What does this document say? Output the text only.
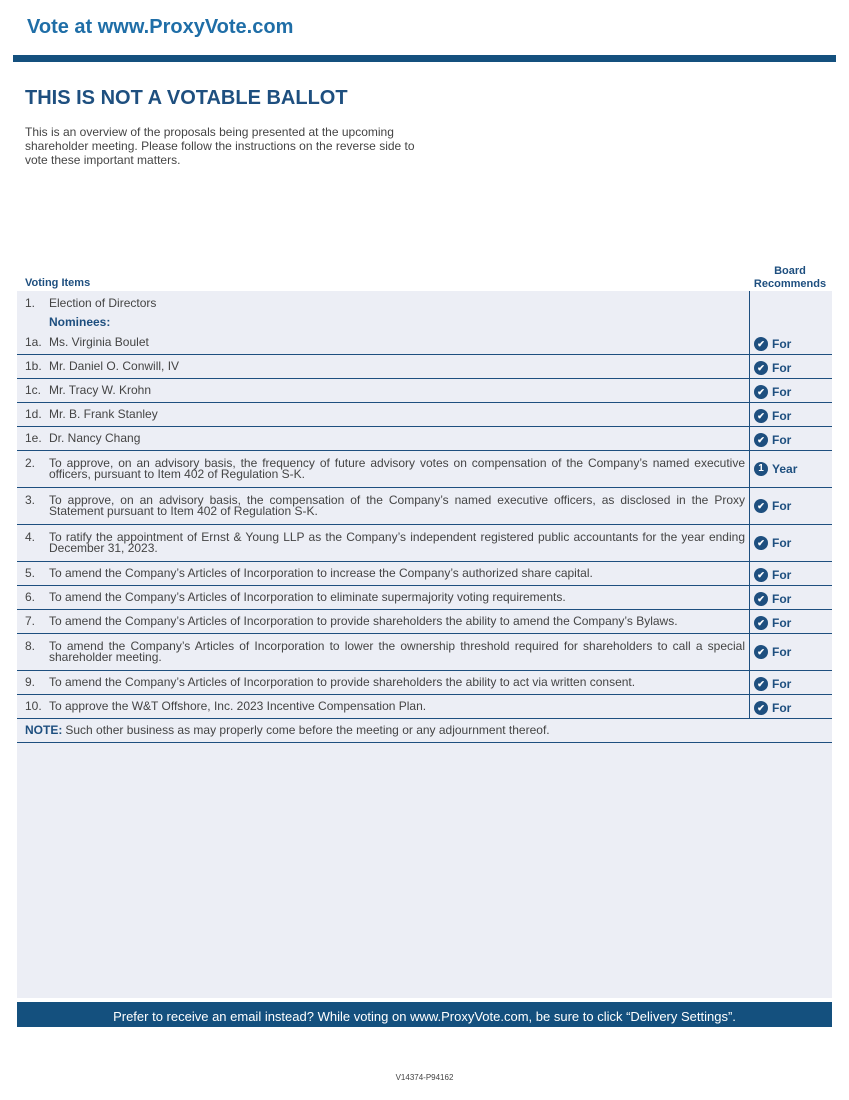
Vote at www.ProxyVote.com
THIS IS NOT A VOTABLE BALLOT
This is an overview of the proposals being presented at the upcoming shareholder meeting. Please follow the instructions on the reverse side to vote these important matters.
Voting Items
Board
Recommends
1.	Election of Directors
Nominees:
1a. Ms. Virginia Boulet	✔ For
1b. Mr. Daniel O. Conwill, IV	✔ For
1c. Mr. Tracy W. Krohn	✔ For
1d. Mr. B. Frank Stanley	✔ For
1e. Dr. Nancy Chang	✔ For
2.	To approve, on an advisory basis, the frequency of future advisory votes on compensation of the Company’s named executive officers, pursuant to Item 402 of Regulation S-K.	1 Year
3.	To approve, on an advisory basis, the compensation of the Company’s named executive officers, as disclosed in the Proxy Statement pursuant to Item 402 of Regulation S-K.	✔ For
4.	To ratify the appointment of Ernst & Young LLP as the Company’s independent registered public accountants for the year ending December 31, 2023.	✔ For
5.	To amend the Company’s Articles of Incorporation to increase the Company’s authorized share capital.	✔ For
6.	To amend the Company’s Articles of Incorporation to eliminate supermajority voting requirements.	✔ For
7.	To amend the Company’s Articles of Incorporation to provide shareholders the ability to amend the Company’s Bylaws.	✔ For
8.	To amend the Company’s Articles of Incorporation to lower the ownership threshold required for shareholders to call a special shareholder meeting.	✔ For
9.	To amend the Company’s Articles of Incorporation to provide shareholders the ability to act via written consent.	✔ For
10. To approve the W&T Offshore, Inc. 2023 Incentive Compensation Plan.	✔ For
NOTE: Such other business as may properly come before the meeting or any adjournment thereof.
Prefer to receive an email instead? While voting on www.ProxyVote.com, be sure to click “Delivery Settings”.
V14374-P94162
